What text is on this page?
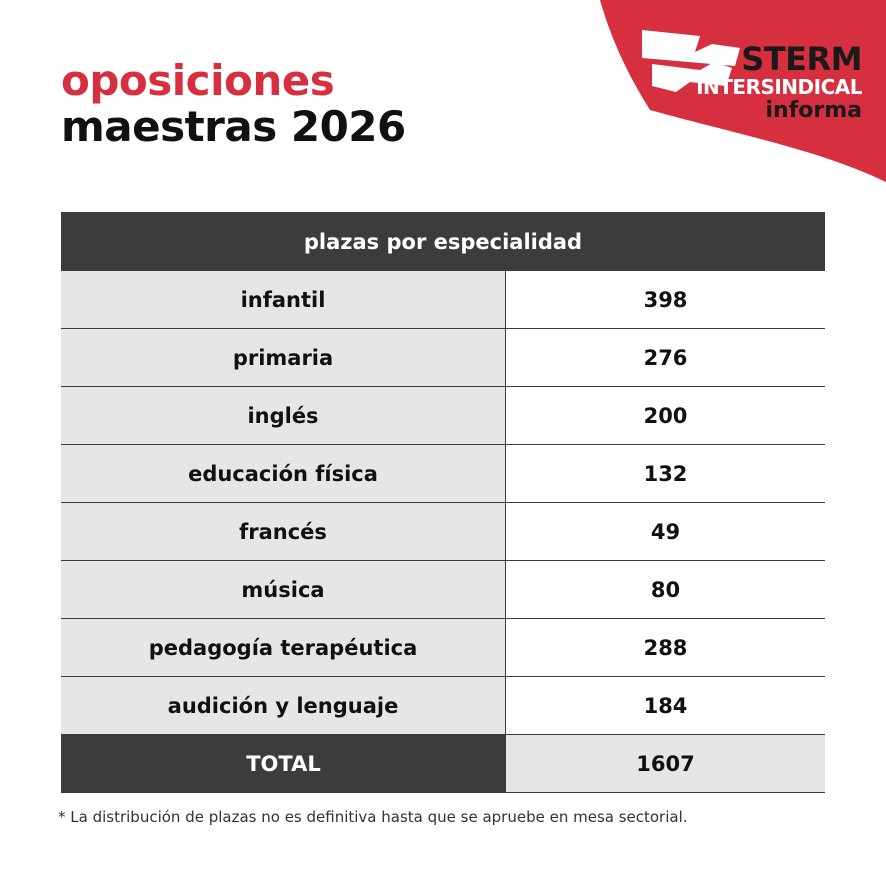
oposiciones
maestras 2026
STERM
INTERSINDICAL
informa
plazas por especialidad
infantil	398
primaria	276
inglés	200
educación física	132
francés	49
música	80
pedagogía terapéutica	288
audición y lenguaje	184
TOTAL	1607
* La distribución de plazas no es definitiva hasta que se apruebe en mesa sectorial.
